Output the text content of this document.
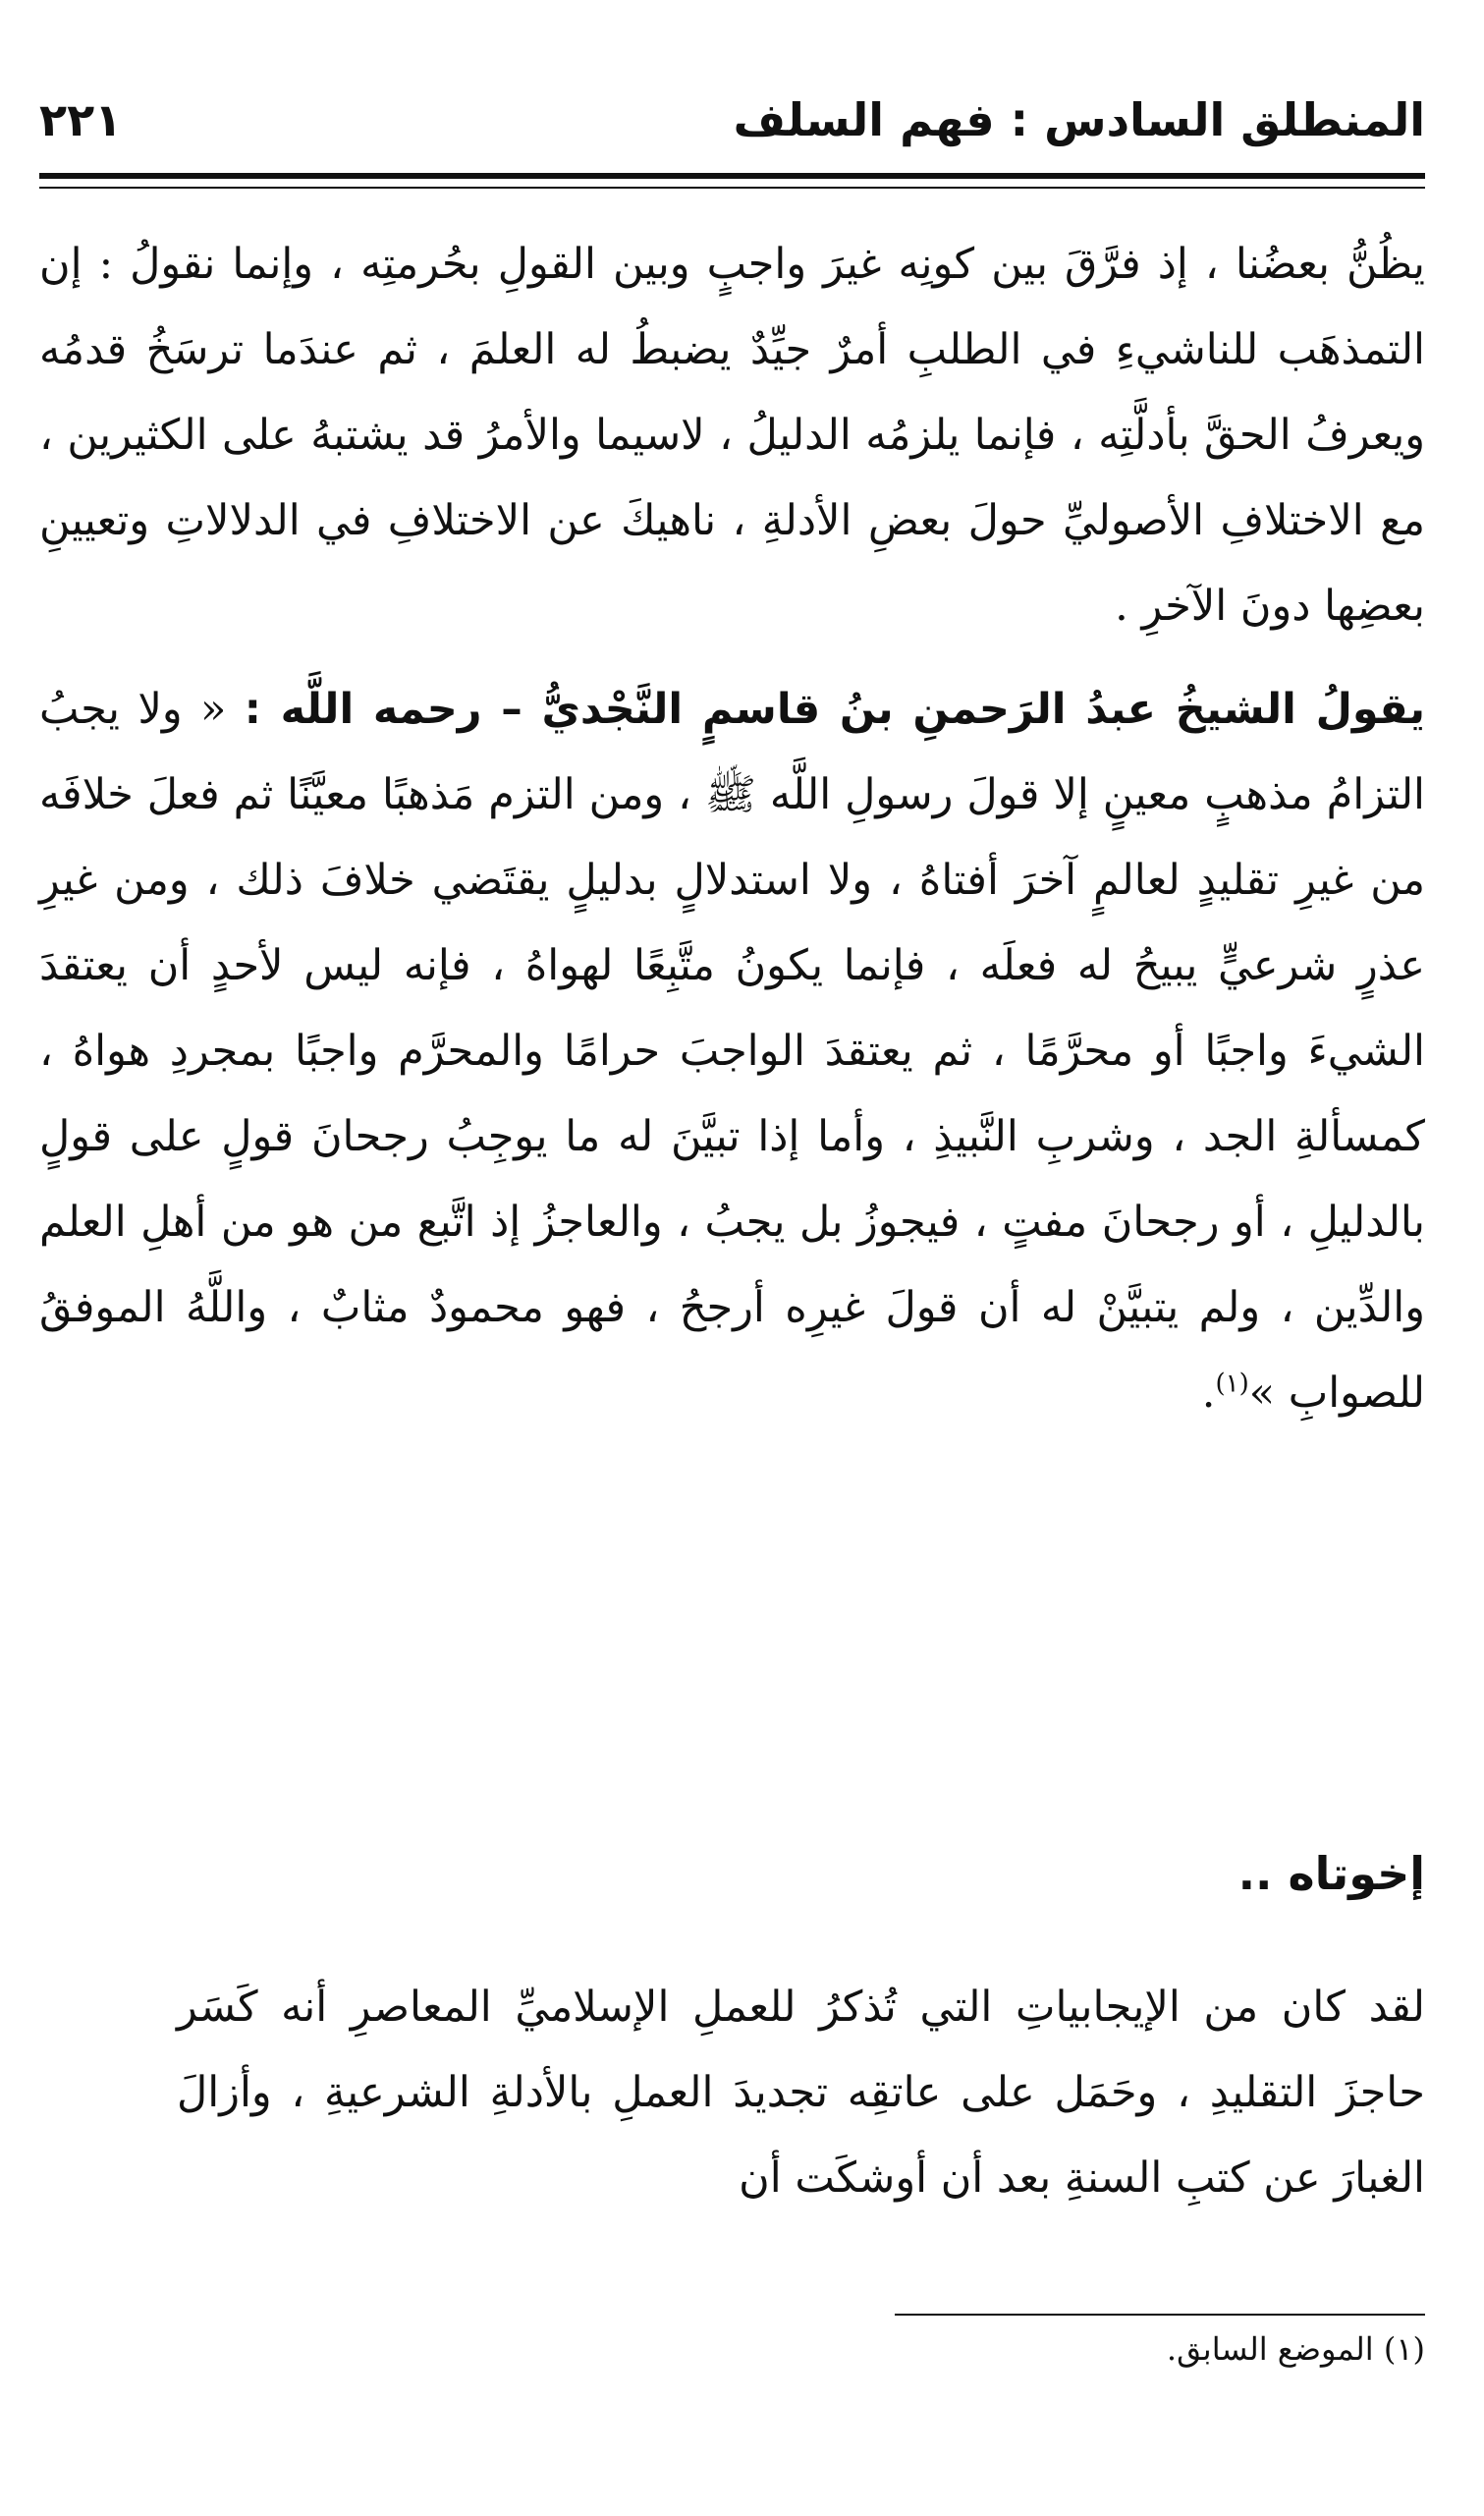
المنطلق السادس : فهم السلف
٢٢١

يظُنُّ بعضُنا ، إذ فرَّقَ بين كونِه غيرَ واجبٍ وبين القولِ بحُرمتِه ، وإنما نقولُ : إن التمذهَب للناشيءِ في الطلبِ أمرٌ جيِّدٌ يضبطُ له العلمَ ، ثم عندَما ترسَخُ قدمُه ويعرفُ الحقَّ بأدلَّتِه ، فإنما يلزمُه الدليلُ ، لاسيما والأمرُ قد يشتبهُ على الكثيرين ، مع الاختلافِ الأصوليِّ حولَ بعضِ الأدلةِ ، ناهيكَ عن الاختلافِ في الدلالاتِ وتعيينِ بعضِها دونَ الآخرِ .

يقولُ الشيخُ عبدُ الرَحمنِ بنُ قاسمٍ النَّجْديُّ – رحمه اللَّه : « ولا يجبُ التزامُ مذهبٍ معينٍ إلا قولَ رسولِ اللَّه ﷺ ، ومن التزم مَذهبًا معيَّنًا ثم فعلَ خلافَه من غيرِ تقليدٍ لعالمٍ آخرَ أفتاهُ ، ولا استدلالٍ بدليلٍ يقتَضي خلافَ ذلك ، ومن غيرِ عذرٍ شرعيٍّ يبيحُ له فعلَه ، فإنما يكونُ متَّبِعًا لهواهُ ، فإنه ليس لأحدٍ أن يعتقدَ الشيءَ واجبًا أو محرَّمًا ، ثم يعتقدَ الواجبَ حرامًا والمحرَّم واجبًا بمجردِ هواهُ ، كمسألةِ الجد ، وشربِ النَّبيذِ ، وأما إذا تبيَّنَ له ما يوجِبُ رجحانَ قولٍ على قولٍ بالدليلِ ، أو رجحانَ مفتٍ ، فيجوزُ بل يجبُ ، والعاجزُ إذ اتَّبع من هو من أهلِ العلم والدِّين ، ولم يتبيَّنْ له أن قولَ غيرِه أرجحُ ، فهو محمودٌ مثابٌ ، واللَّهُ الموفقُ للصوابِ »$^{(١)}$.

إخوتاه ..

لقد كان من الإيجابياتِ التي تُذكرُ للعملِ الإسلاميِّ المعاصرِ أنه كَسَر حاجزَ التقليدِ ، وحَمَل على عاتقِه تجديدَ العملِ بالأدلةِ الشرعيةِ ، وأزالَ الغبارَ عن كتبِ السنةِ بعد أن أوشكَت أن

(١) الموضع السابق.
